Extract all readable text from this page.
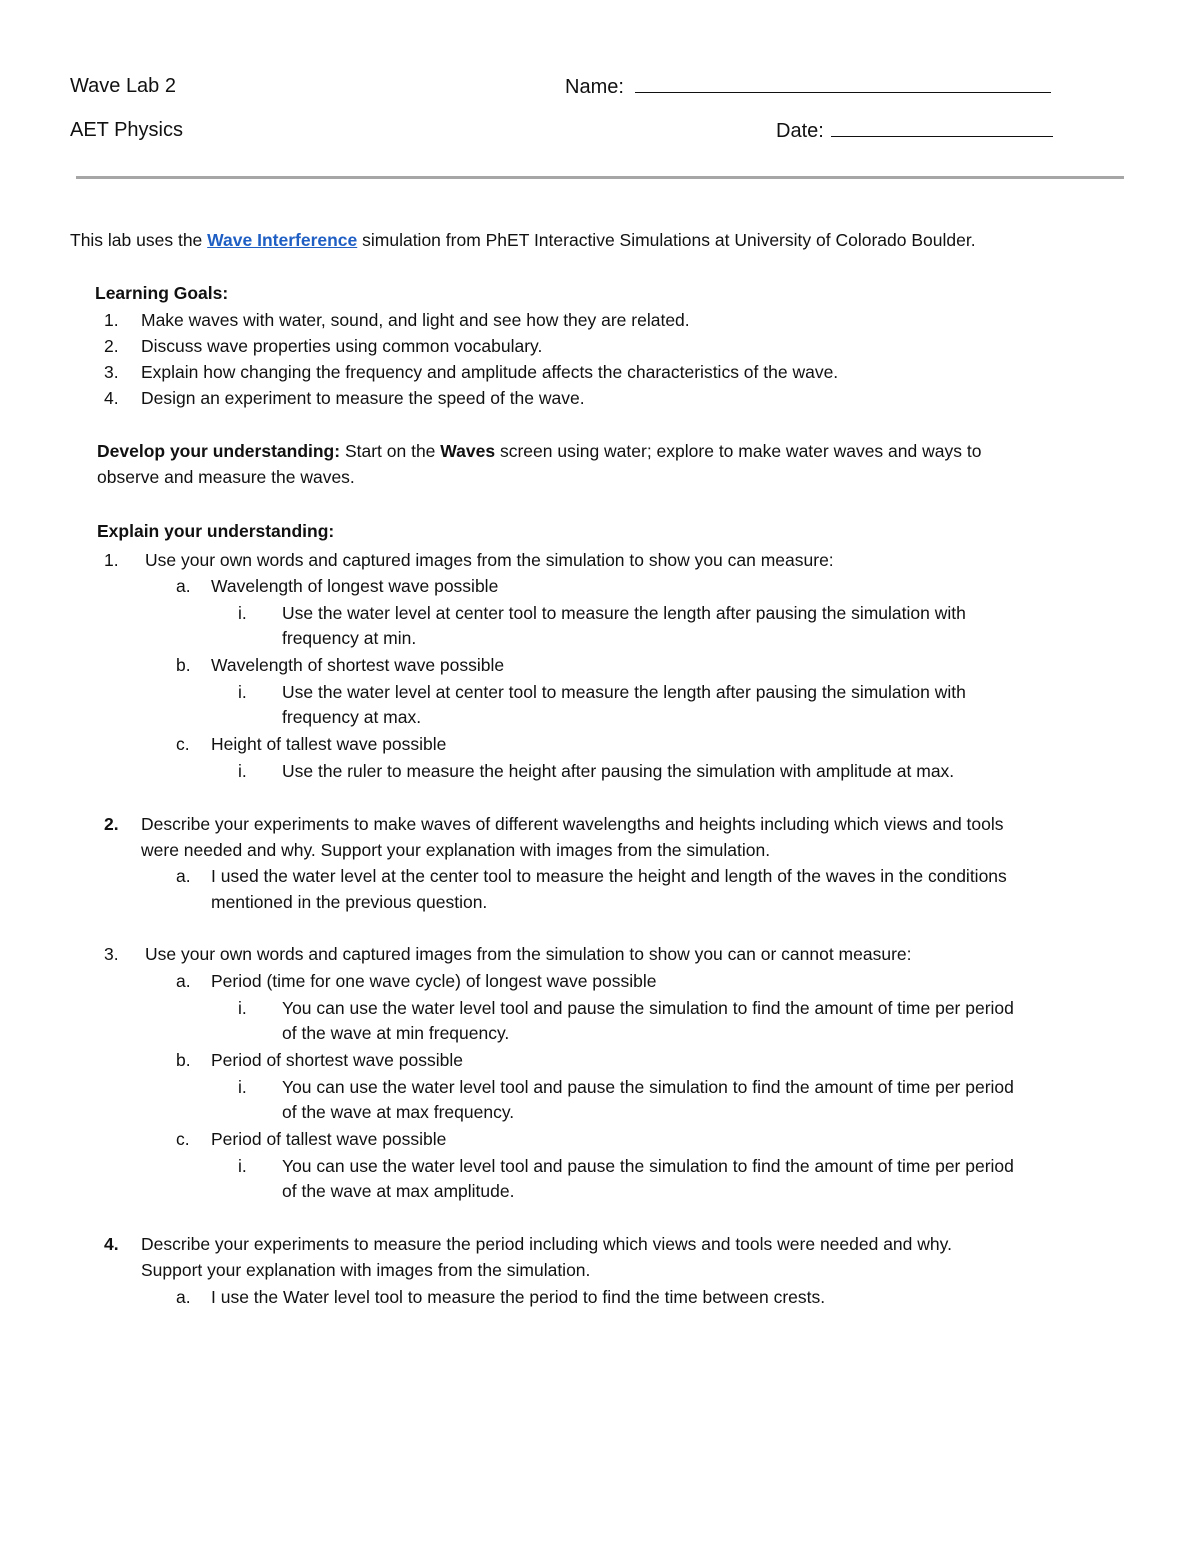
Wave Lab 2	Name:
AET Physics	Date:
This lab uses the Wave Interference simulation from PhET Interactive Simulations at University of Colorado Boulder.
Learning Goals:
1. Make waves with water, sound, and light and see how they are related.
2. Discuss wave properties using common vocabulary.
3. Explain how changing the frequency and amplitude affects the characteristics of the wave.
4. Design an experiment to measure the speed of the wave.
Develop your understanding: Start on the Waves screen using water; explore to make water waves and ways to
observe and measure the waves.
Explain your understanding:
1. Use your own words and captured images from the simulation to show you can measure:
a. Wavelength of longest wave possible
i. Use the water level at center tool to measure the length after pausing the simulation with
frequency at min.
b. Wavelength of shortest wave possible
i. Use the water level at center tool to measure the length after pausing the simulation with
frequency at max.
c. Height of tallest wave possible
i. Use the ruler to measure the height after pausing the simulation with amplitude at max.
2. Describe your experiments to make waves of different wavelengths and heights including which views and tools
were needed and why. Support your explanation with images from the simulation.
a. I used the water level at the center tool to measure the height and length of the waves in the conditions
mentioned in the previous question.
3. Use your own words and captured images from the simulation to show you can or cannot measure:
a. Period (time for one wave cycle) of longest wave possible
i. You can use the water level tool and pause the simulation to find the amount of time per period
of the wave at min frequency.
b. Period of shortest wave possible
i. You can use the water level tool and pause the simulation to find the amount of time per period
of the wave at max frequency.
c. Period of tallest wave possible
i. You can use the water level tool and pause the simulation to find the amount of time per period
of the wave at max amplitude.
4. Describe your experiments to measure the period including which views and tools were needed and why.
Support your explanation with images from the simulation.
a. I use the Water level tool to measure the period to find the time between crests.
